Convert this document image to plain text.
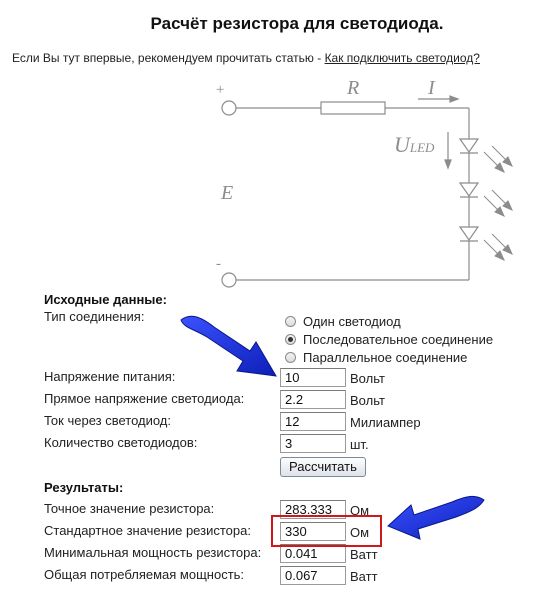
Расчёт резистора для светодиода.
Если Вы тут впервые, рекомендуем прочитать статью - Как подключить светодиод?
+
-
R	I
ULED
E
Исходные данные:
Тип соединения:	Один светодиод
Последовательное соединение
Параллельное соединение
Напряжение питания:
10	Вольт
Прямое напряжение светодиода:
2.2	Вольт
Ток через светодиод:
12	Милиампер
Количество светодиодов:
3	шт.
Рассчитать
Результаты:
Точное значение резистора:
283.333	Ом
Стандартное значение резистора:
330	Ом
Минимальная мощность резистора:
0.041	Ватт
Общая потребляемая мощность:
0.067	Ватт
